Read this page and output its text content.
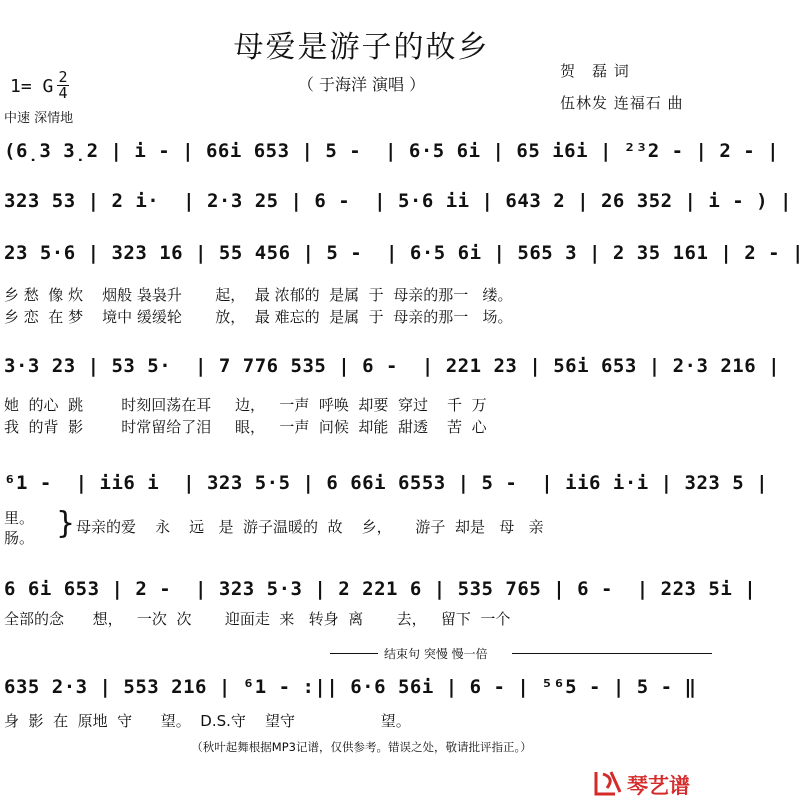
母爱是游子的故乡
（ 于海洋 演唱 ）
贺　磊 词
伍林发 连福石 曲
1= G 2
4
中速 深情地
(6̣3 3̣2 | i - | 66i 653 | 5 -  | 6·5 6i | 65 i6i | ²³2 - | 2 - |
323 53 | 2 i·  | 2·3 25 | 6 -  | 5·6 ii | 643 2 | 26 352 | i - ) |
23 5·6 | 323 16 | 55 456 | 5 -  | 6·5 6i | 565 3 | 2 35 161 | 2 - |
乡 愁  像 炊    烟般 袅袅升       起，  最 浓郁的  是属  于  母亲的那一   缕。
乡 恋  在 梦    境中 缓缓轮       放，  最 难忘的  是属  于  母亲的那一   场。
3·3 23 | 53 5·  | 7 776 535 | 6 -  | 221 23 | 56i 653 | 2·3 216 |
她  的心  跳        时刻回荡在耳     边，   一声  呼唤  却要  穿过    千  万
我  的背  影        时常留给了泪     眼，   一声  问候  却能  甜透    苦  心
⁶1 -  | ii6 i  | 323 5·5 | 6 66i 6553 | 5 -  | ii6 i·i | 323 5 |
里。
肠。 } 母亲的爱    永    远   是  游子温暖的  故    乡，     游子  却是   母   亲
6 6i 653 | 2 -  | 323 5·3 | 2 221 6 | 535 765 | 6 -  | 223 5i |
全部的念      想，   一次  次       迎面走  来   转身  离       去，   留下  一个
结束句 突慢 慢一倍
635 2·3 | 553 216 | ⁶1 - :|| 6·6 56i | 6 - | ⁵⁶5 - | 5 - ‖
身  影  在  原地  守      望。  D.S.守    望守                  望。
（秋叶起舞根据MP3记谱，仅供参考。错误之处，敬请批评指正。）
琴艺谱
